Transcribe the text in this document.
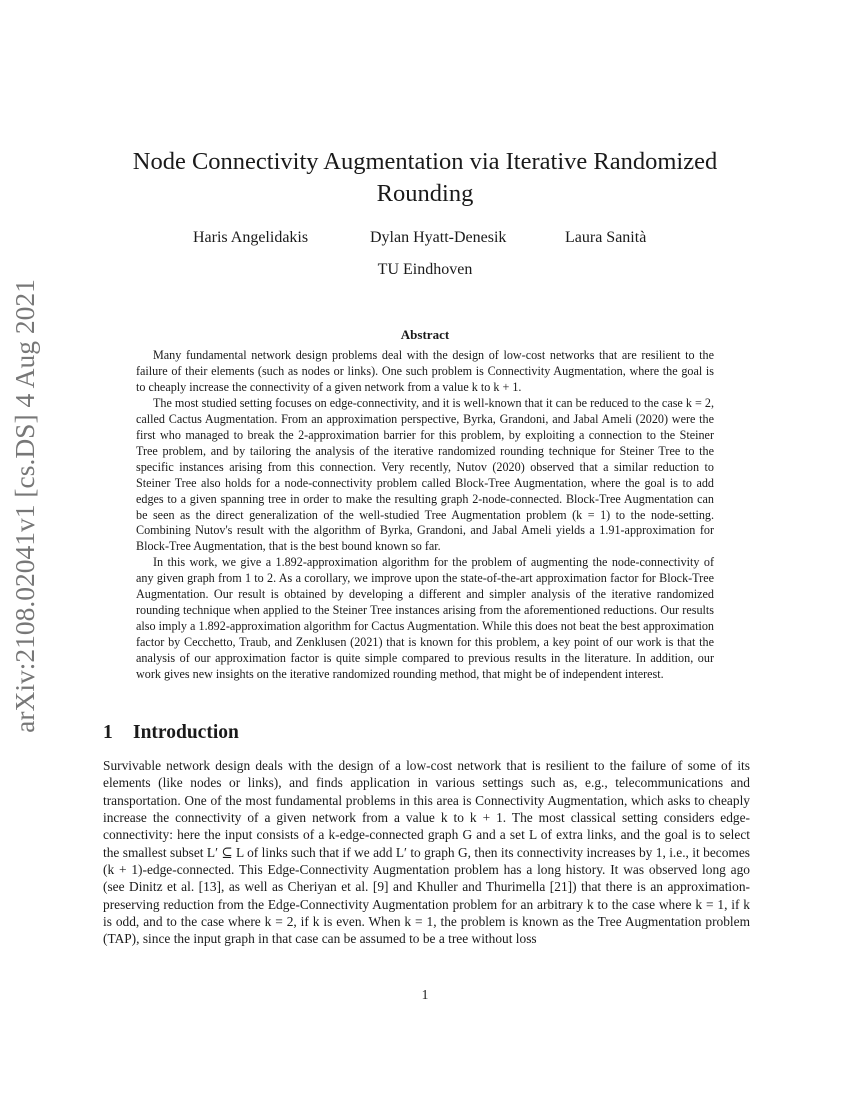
arXiv:2108.02041v1 [cs.DS] 4 Aug 2021
Node Connectivity Augmentation via Iterative Randomized Rounding
Haris Angelidakis	Dylan Hyatt-Denesik	Laura Sanità
TU Eindhoven
Abstract

Many fundamental network design problems deal with the design of low-cost networks that are resilient to the failure of their elements (such as nodes or links). One such problem is Connectivity Augmentation, where the goal is to cheaply increase the connectivity of a given network from a value k to k + 1.

The most studied setting focuses on edge-connectivity, and it is well-known that it can be reduced to the case k = 2, called Cactus Augmentation. From an approximation perspective, Byrka, Grandoni, and Jabal Ameli (2020) were the first who managed to break the 2-approximation barrier for this problem, by exploiting a connection to the Steiner Tree problem, and by tailoring the analysis of the iterative randomized rounding technique for Steiner Tree to the specific instances arising from this connection. Very recently, Nutov (2020) observed that a similar reduction to Steiner Tree also holds for a node-connectivity problem called Block-Tree Augmentation, where the goal is to add edges to a given spanning tree in order to make the resulting graph 2-node-connected. Block-Tree Augmentation can be seen as the direct generalization of the well-studied Tree Augmentation problem (k = 1) to the node-setting. Combining Nutov's result with the algorithm of Byrka, Grandoni, and Jabal Ameli yields a 1.91-approximation for Block-Tree Augmentation, that is the best bound known so far.

In this work, we give a 1.892-approximation algorithm for the problem of augmenting the node-connectivity of any given graph from 1 to 2. As a corollary, we improve upon the state-of-the-art approximation factor for Block-Tree Augmentation. Our result is obtained by developing a different and simpler analysis of the iterative randomized rounding technique when applied to the Steiner Tree instances arising from the aforementioned reductions. Our results also imply a 1.892-approximation algorithm for Cactus Augmentation. While this does not beat the best approximation factor by Cecchetto, Traub, and Zenklusen (2021) that is known for this problem, a key point of our work is that the analysis of our approximation factor is quite simple compared to previous results in the literature. In addition, our work gives new insights on the iterative randomized rounding method, that might be of independent interest.

1 Introduction

Survivable network design deals with the design of a low-cost network that is resilient to the failure of some of its elements (like nodes or links), and finds application in various settings such as, e.g., telecommunications and transportation. One of the most fundamental problems in this area is Connectivity Augmentation, which asks to cheaply increase the connectivity of a given network from a value k to k + 1. The most classical setting considers edge-connectivity: here the input consists of a k-edge-connected graph G and a set L of extra links, and the goal is to select the smallest subset L′ ⊆ L of links such that if we add L′ to graph G, then its connectivity increases by 1, i.e., it becomes (k + 1)-edge-connected. This Edge-Connectivity Augmentation problem has a long history. It was observed long ago (see Dinitz et al. [13], as well as Cheriyan et al. [9] and Khuller and Thurimella [21]) that there is an approximation-preserving reduction from the Edge-Connectivity Augmentation problem for an arbitrary k to the case where k = 1, if k is odd, and to the case where k = 2, if k is even. When k = 1, the problem is known as the Tree Augmentation problem (TAP), since the input graph in that case can be assumed to be a tree without loss

1
